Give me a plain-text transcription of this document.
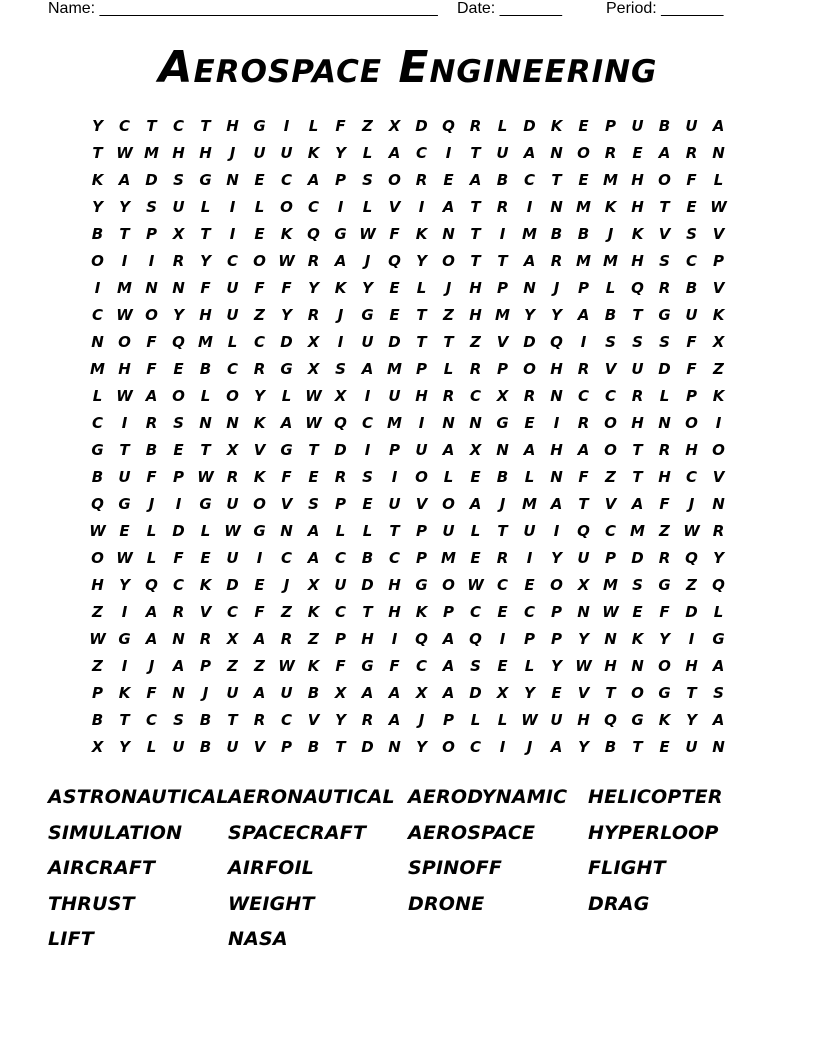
Name: ______________________________________ Date: _______	Period: _______
Aerospace Engineering
Y	C	T	C	T	H G	I	L	F	Z	X D Q R	L	D K	E	P	U	B	U	A
T W M H H	J	U U	K	Y	L	A	C	I	T	U	A N O R	E	A	R N
K	A D	S	G N	E	C	A	P	S	O R	E	A	B	C	T	E M H O	F	L
Y	Y	S	U	L	I	L	O	C	I	L	V	I	A	T	R	I	N M K H	T	E W
B	T	P	X	T	I	E	K Q G W F	K N	T	I	M B	B	J	K	V	S	V
O	I	I	R	Y	C	O W R	A	J	Q	Y	O	T	T	A	R M M H	S	C	P
I	M N N	F	U	F	F	Y	K	Y	E	L	J	H	P	N	J	P	L	Q R	B	V
C W O	Y	H U	Z	Y	R	J	G	E	T	Z	H M Y	Y	A	B	T	G U	K
N O	F	Q M L	C	D X	I	U D	T	T	Z	V D Q	I	S	S	S	F	X
M H	F	E	B	C	R	G	X	S	A M P	L	R	P	O H R	V	U D	F	Z
L W A O	L	O	Y	L W X	I	U H R	C	X	R N	C	C	R	L	P	K
C	I	R	S	N N K	A W Q	C M	I	N N G	E	I	R O H N O	I
G	T	B	E	T	X	V	G	T	D	I	P	U	A	X N A H A O	T	R H O
B	U	F	P W R	K	F	E	R	S	I	O	L	E	B	L	N	F	Z	T	H	C	V
Q G	J	I	G U O V	S	P	E	U	V O A	J	M A	T	V	A	F	J	N
W E	L	D	L W G N A	L	L	T	P	U	L	T	U	I	Q	C M Z W R
O W L	F	E	U	I	C	A	C	B	C	P M E	R	I	Y	U	P	D	R Q	Y
H	Y	Q	C	K D	E	J	X	U D H G O W C	E	O X M S	G	Z	Q
Z	I	A	R	V	C	F	Z	K	C	T	H K	P	C	E	C	P	N W E	F	D	L
W G	A N R	X	A	R	Z	P	H	I	Q A Q	I	P	P	Y	N K	Y	I	G
Z	I	J	A	P	Z	Z W K	F	G	F	C	A	S	E	L	Y W H N O H A
P	K	F	N	J	U	A	U	B	X	A	A	X	A D X	Y	E	V	T	O G	T	S
B	T	C	S	B	T	R	C	V	Y	R	A	J	P	L	L W U H Q G	K	Y	A
X	Y	L	U	B	U	V	P	B	T	D N	Y	O	C	I	J	A	Y	B	T	E	U N
ASTRONAUTICAL AERONAUTICAL AERODYNAMIC	HELICOPTER
SIMULATION	SPACECRAFT	AEROSPACE	HYPERLOOP
AIRCRAFT	AIRFOIL	SPINOFF	FLIGHT
THRUST	WEIGHT	DRONE	DRAG
LIFT	NASA
